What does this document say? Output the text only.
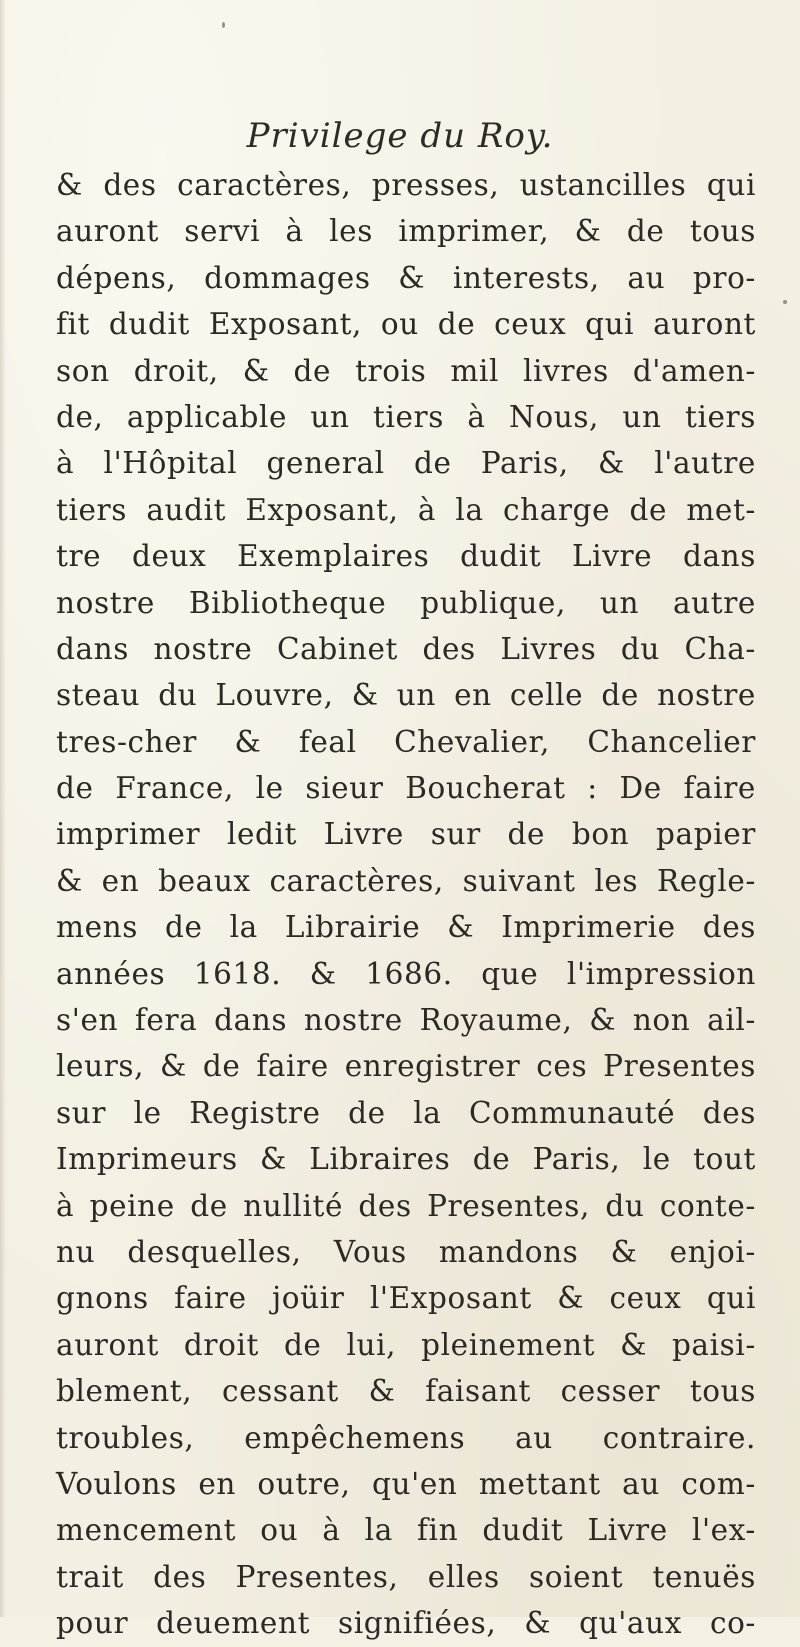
Privilege du Roy.
& des caractères, presses, ustancilles qui
auront servi à les imprimer, & de tous
dépens, dommages & interests, au pro-
fit dudit Exposant, ou de ceux qui auront
son droit, & de trois mil livres d'amen-
de, applicable un tiers à Nous, un tiers
à l'Hôpital general de Paris, & l'autre
tiers audit Exposant, à la charge de met-
tre deux Exemplaires dudit Livre dans
nostre Bibliotheque publique, un autre
dans nostre Cabinet des Livres du Cha-
steau du Louvre, & un en celle de nostre
tres-cher & feal Chevalier, Chancelier
de France, le sieur Boucherat : De faire
imprimer ledit Livre sur de bon papier
& en beaux caractères, suivant les Regle-
mens de la Librairie & Imprimerie des
années 1618. & 1686. que l'impression
s'en fera dans nostre Royaume, & non ail-
leurs, & de faire enregistrer ces Presentes
sur le Registre de la Communauté des
Imprimeurs & Libraires de Paris, le tout
à peine de nullité des Presentes, du conte-
nu desquelles, Vous mandons & enjoi-
gnons faire joüir l'Exposant & ceux qui
auront droit de lui, pleinement & paisi-
blement, cessant & faisant cesser tous
troubles, empêchemens au contraire.
Voulons en outre, qu'en mettant au com-
mencement ou à la fin dudit Livre l'ex-
trait des Presentes, elles soient tenuës
pour deuement signifiées, & qu'aux co-
